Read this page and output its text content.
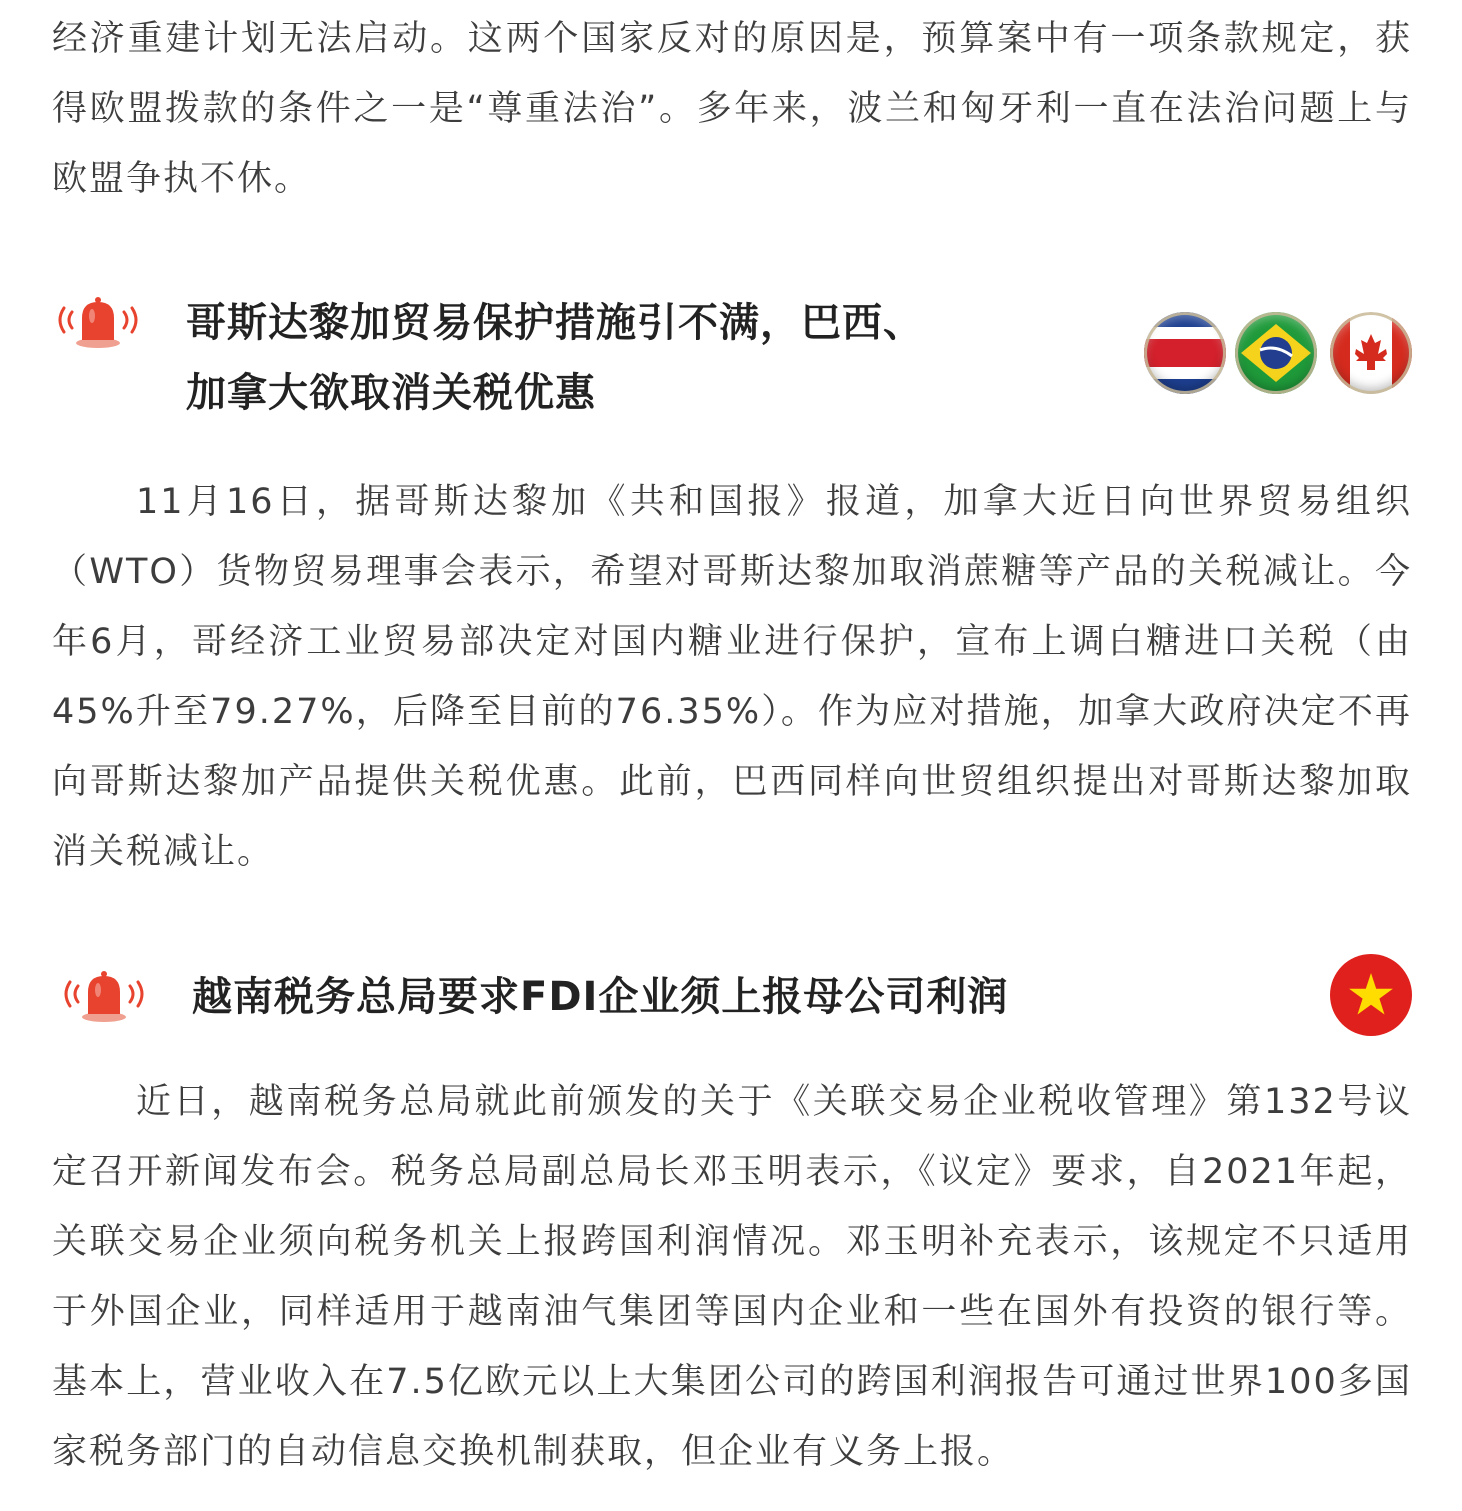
经济重建计划无法启动。这两个国家反对的原因是，预算案中有一项条款规定，获得欧盟拨款的条件之一是“尊重法治”。多年来，波兰和匈牙利一直在法治问题上与欧盟争执不休。

哥斯达黎加贸易保护措施引不满，巴西、
加拿大欲取消关税优惠

11月16日，据哥斯达黎加《共和国报》报道，加拿大近日向世界贸易组织（WTO）货物贸易理事会表示，希望对哥斯达黎加取消蔗糖等产品的关税减让。今年6月，哥经济工业贸易部决定对国内糖业进行保护，宣布上调白糖进口关税（由45%升至79.27%，后降至目前的76.35%）。作为应对措施，加拿大政府决定不再向哥斯达黎加产品提供关税优惠。此前，巴西同样向世贸组织提出对哥斯达黎加取消关税减让。

越南税务总局要求FDI企业须上报母公司利润

近日，越南税务总局就此前颁发的关于《关联交易企业税收管理》第132号议定召开新闻发布会。税务总局副总局长邓玉明表示，《议定》要求，自2021年起，关联交易企业须向税务机关上报跨国利润情况。邓玉明补充表示，该规定不只适用于外国企业，同样适用于越南油气集团等国内企业和一些在国外有投资的银行等。基本上，营业收入在7.5亿欧元以上大集团公司的跨国利润报告可通过世界100多国家税务部门的自动信息交换机制获取，但企业有义务上报。
